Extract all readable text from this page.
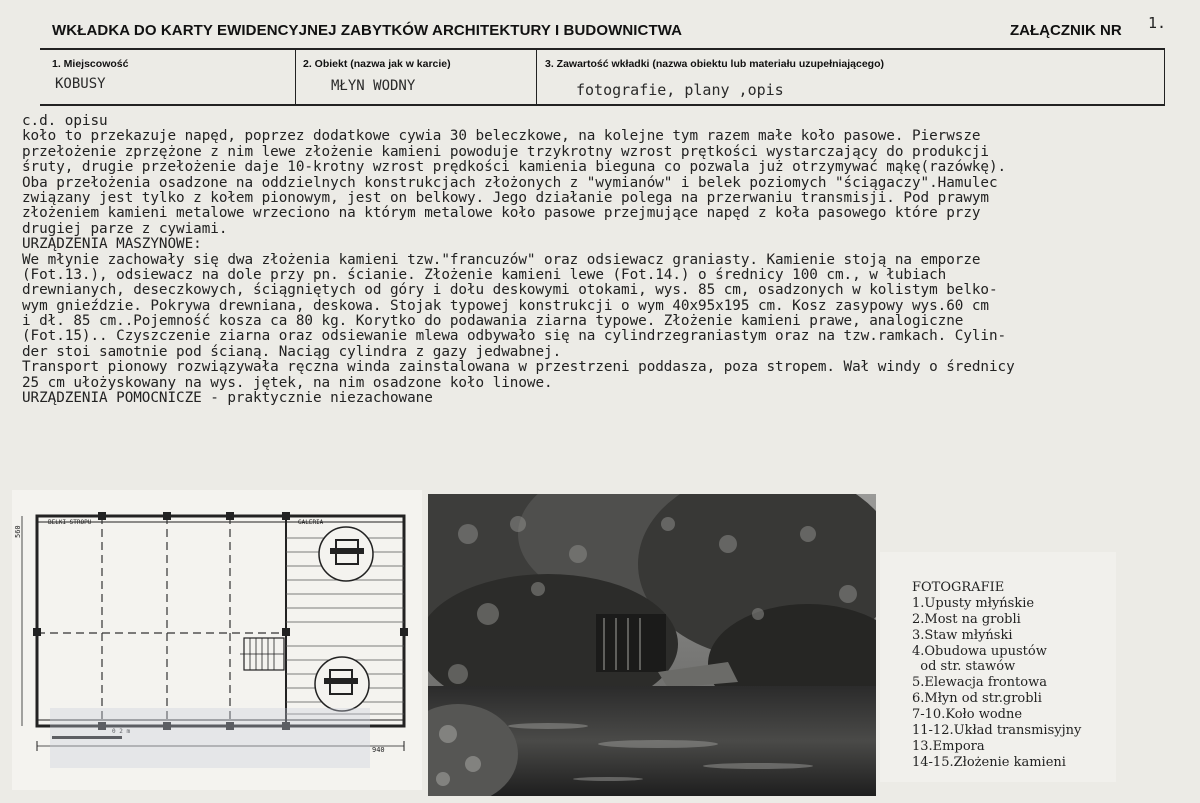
WKŁADKA DO KARTY EWIDENCYJNEJ ZABYTKÓW ARCHITEKTURY I BUDOWNICTWA	ZAŁĄCZNIK NR 1.
1. Miejscowość
KOBUSY
2. Obiekt (nazwa jak w karcie)
MŁYN WODNY
3. Zawartość wkładki (nazwa obiektu lub materiału uzupełniającego)
fotografie, plany ,opis
c.d. opisu
koło to przekazuje napęd, poprzez dodatkowe cywia 30 beleczkowe, na kolejne tym razem małe koło pasowe. Pierwsze
przełożenie zprzężone z nim lewe złożenie kamieni powoduje trzykrotny wzrost prętkości wystarczający do produkcji
śruty, drugie przełożenie daje 10-krotny wzrost prędkości kamienia bieguna co pozwala już otrzymywać mąkę(razówkę).
Oba przełożenia osadzone na oddzielnych konstrukcjach złożonych z "wymianów" i belek poziomych "ściągaczy".Hamulec
związany jest tylko z kołem pionowym, jest on belkowy. Jego działanie polega na przerwaniu transmisji. Pod prawym
złożeniem kamieni metalowe wrzeciono na którym metalowe koło pasowe przejmujące napęd z koła pasowego które przy
drugiej parze z cywiami.
URZĄDZENIA MASZYNOWE:
We młynie zachowały się dwa złożenia kamieni tzw."francuzów" oraz odsiewacz graniasty. Kamienie stoją na emporze
(Fot.13.), odsiewacz na dole przy pn. ścianie. Złożenie kamieni lewe (Fot.14.) o średnicy 100 cm., w łubiach
drewnianych, deseczkowych, ściągniętych od góry i dołu deskowymi otokami, wys. 85 cm, osadzonych w kolistym belko-
wym gnieździe. Pokrywa drewniana, deskowa. Stojak typowej konstrukcji o wym 40x95x195 cm. Kosz zasypowy wys.60 cm
i dł. 85 cm..Pojemność kosza ca 80 kg. Korytko do podawania ziarna typowe. Złożenie kamieni prawe, analogiczne
(Fot.15).. Czyszczenie ziarna oraz odsiewanie mlewa odbywało się na cylindrzegraniastym oraz na tzw.ramkach. Cylin-
der stoi samotnie pod ścianą. Naciąg cylindra z gazy jedwabnej.
Transport pionowy rozwiązywała ręczna winda zainstalowana w przestrzeni poddasza, poza stropem. Wał windy o średnicy
25 cm ułożyskowany na wys. jętek, na nim osadzone koło linowe.
URZĄDZENIA POMOCNICZE - praktycznie niezachowane
BELKI STROPU	GALERIA
560
940
0 2 m
FOTOGRAFIE
1.Upusty młyńskie
2.Most na grobli
3.Staw młyński
4.Obudowa upustów
od str. stawów
5.Elewacja frontowa
6.Młyn od str.grobli
7-10.Koło wodne
11-12.Układ transmisyjny
13.Empora
14-15.Złożenie kamieni
